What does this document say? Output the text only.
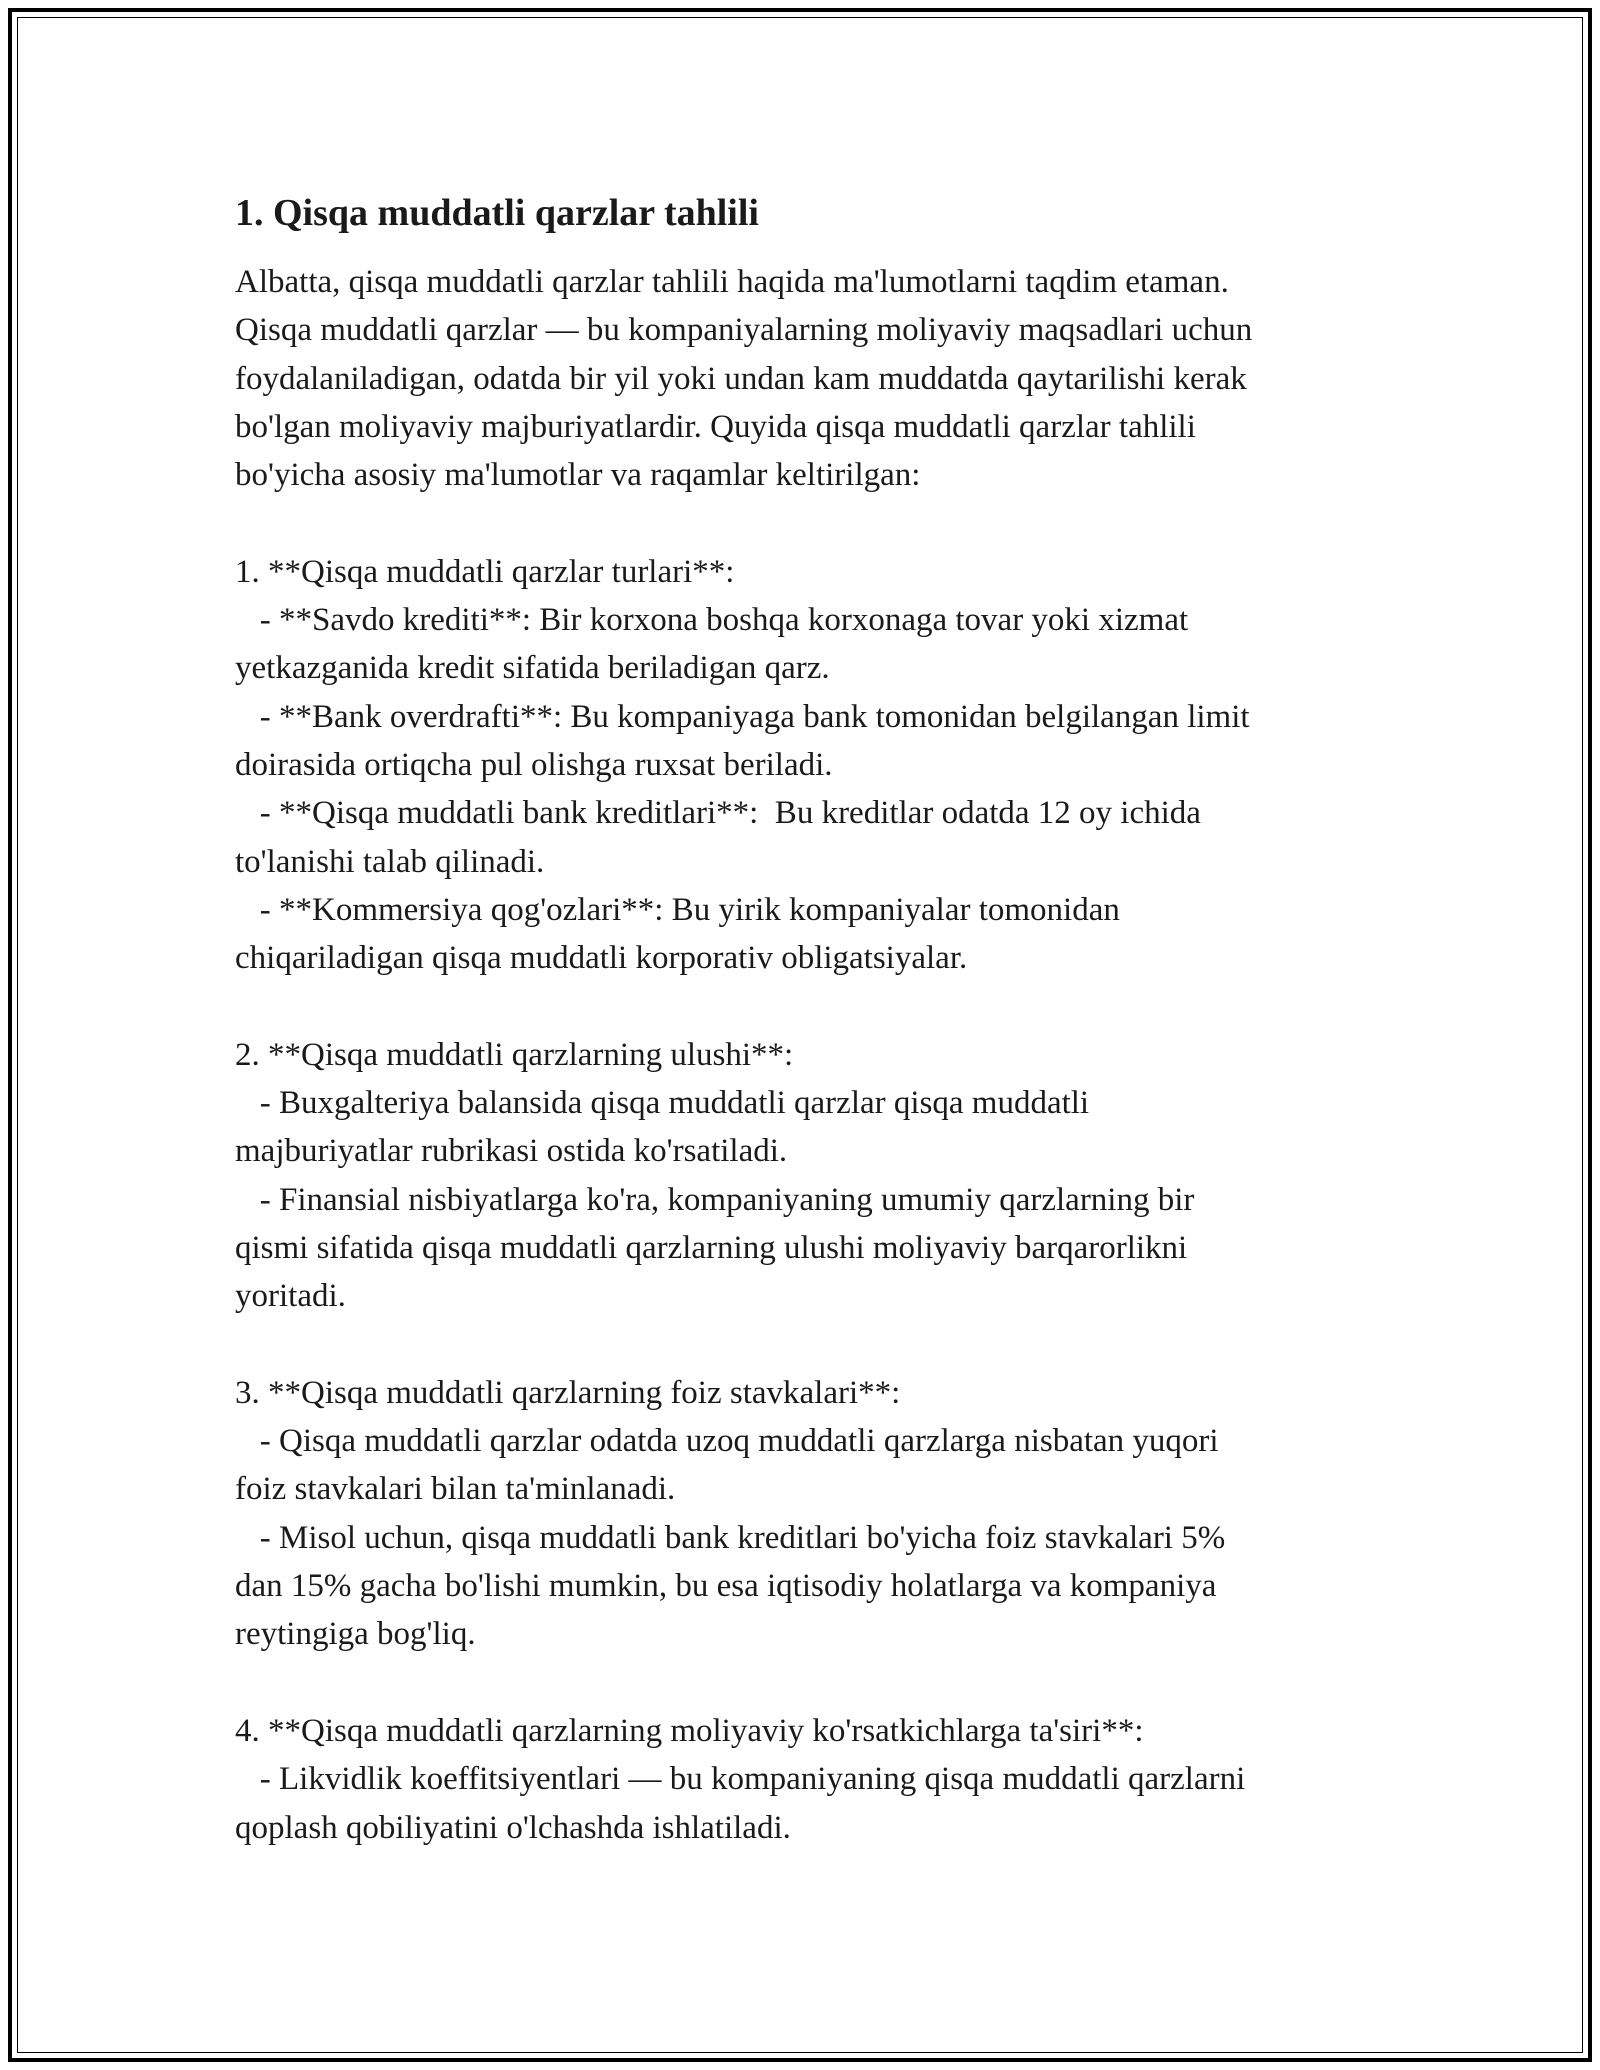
1. Qisqa muddatli qarzlar tahlili
Albatta, qisqa muddatli qarzlar tahlili haqida ma'lumotlarni taqdim etaman.
Qisqa muddatli qarzlar — bu kompaniyalarning moliyaviy maqsadlari uchun
foydalaniladigan, odatda bir yil yoki undan kam muddatda qaytarilishi kerak
bo'lgan moliyaviy majburiyatlardir. Quyida qisqa muddatli qarzlar tahlili
bo'yicha asosiy ma'lumotlar va raqamlar keltirilgan:
1. **Qisqa muddatli qarzlar turlari**:
- **Savdo krediti**: Bir korxona boshqa korxonaga tovar yoki xizmat
yetkazganida kredit sifatida beriladigan qarz.
- **Bank overdrafti**: Bu kompaniyaga bank tomonidan belgilangan limit
doirasida ortiqcha pul olishga ruxsat beriladi.
- **Qisqa muddatli bank kreditlari**:  Bu kreditlar odatda 12 oy ichida
to'lanishi talab qilinadi.
- **Kommersiya qog'ozlari**: Bu yirik kompaniyalar tomonidan
chiqariladigan qisqa muddatli korporativ obligatsiyalar.
2. **Qisqa muddatli qarzlarning ulushi**:
- Buxgalteriya balansida qisqa muddatli qarzlar qisqa muddatli
majburiyatlar rubrikasi ostida ko'rsatiladi.
- Finansial nisbiyatlarga ko'ra, kompaniyaning umumiy qarzlarning bir
qismi sifatida qisqa muddatli qarzlarning ulushi moliyaviy barqarorlikni
yoritadi.
3. **Qisqa muddatli qarzlarning foiz stavkalari**:
- Qisqa muddatli qarzlar odatda uzoq muddatli qarzlarga nisbatan yuqori
foiz stavkalari bilan ta'minlanadi.
- Misol uchun, qisqa muddatli bank kreditlari bo'yicha foiz stavkalari 5%
dan 15% gacha bo'lishi mumkin, bu esa iqtisodiy holatlarga va kompaniya
reytingiga bog'liq.
4. **Qisqa muddatli qarzlarning moliyaviy ko'rsatkichlarga ta'siri**:
- Likvidlik koeffitsiyentlari — bu kompaniyaning qisqa muddatli qarzlarni
qoplash qobiliyatini o'lchashda ishlatiladi.
